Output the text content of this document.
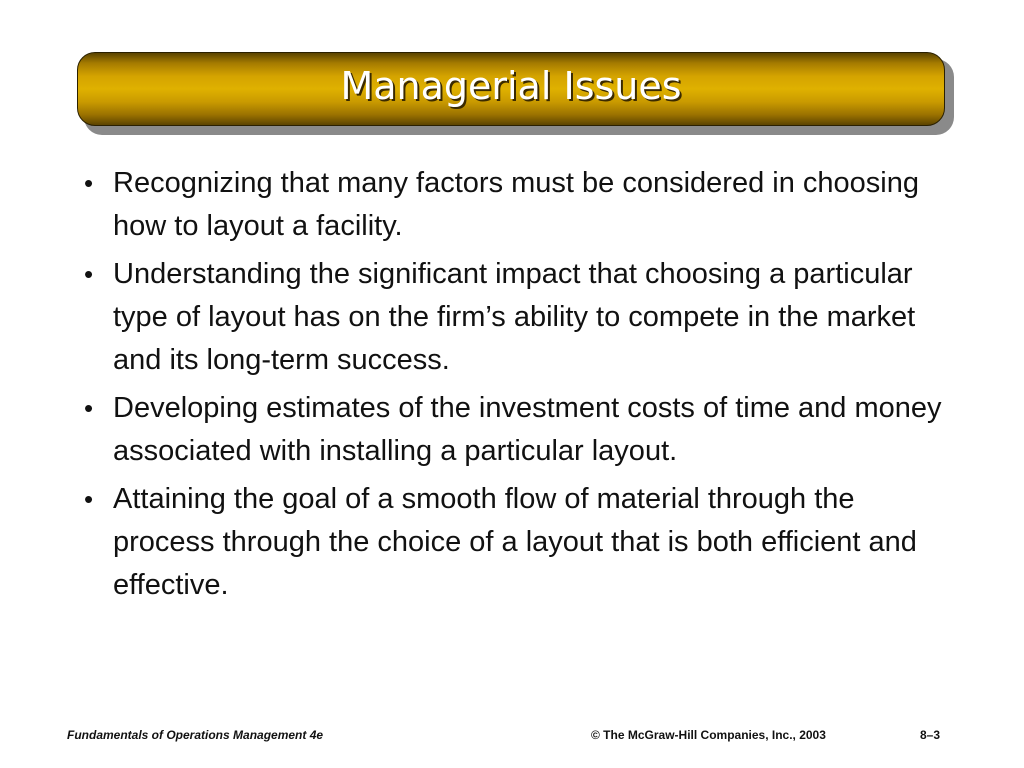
Managerial Issues
• Recognizing that many factors must be considered in choosing how to layout a facility.
• Understanding the significant impact that choosing a particular type of layout has on the firm’s ability to compete in the market and its long-term success.
• Developing estimates of the investment costs of time and money associated with installing a particular layout.
• Attaining the goal of a smooth flow of material through the process through the choice of a layout that is both efficient and effective.
Fundamentals of Operations Management 4e	© The McGraw-Hill Companies, Inc., 2003	8–3
